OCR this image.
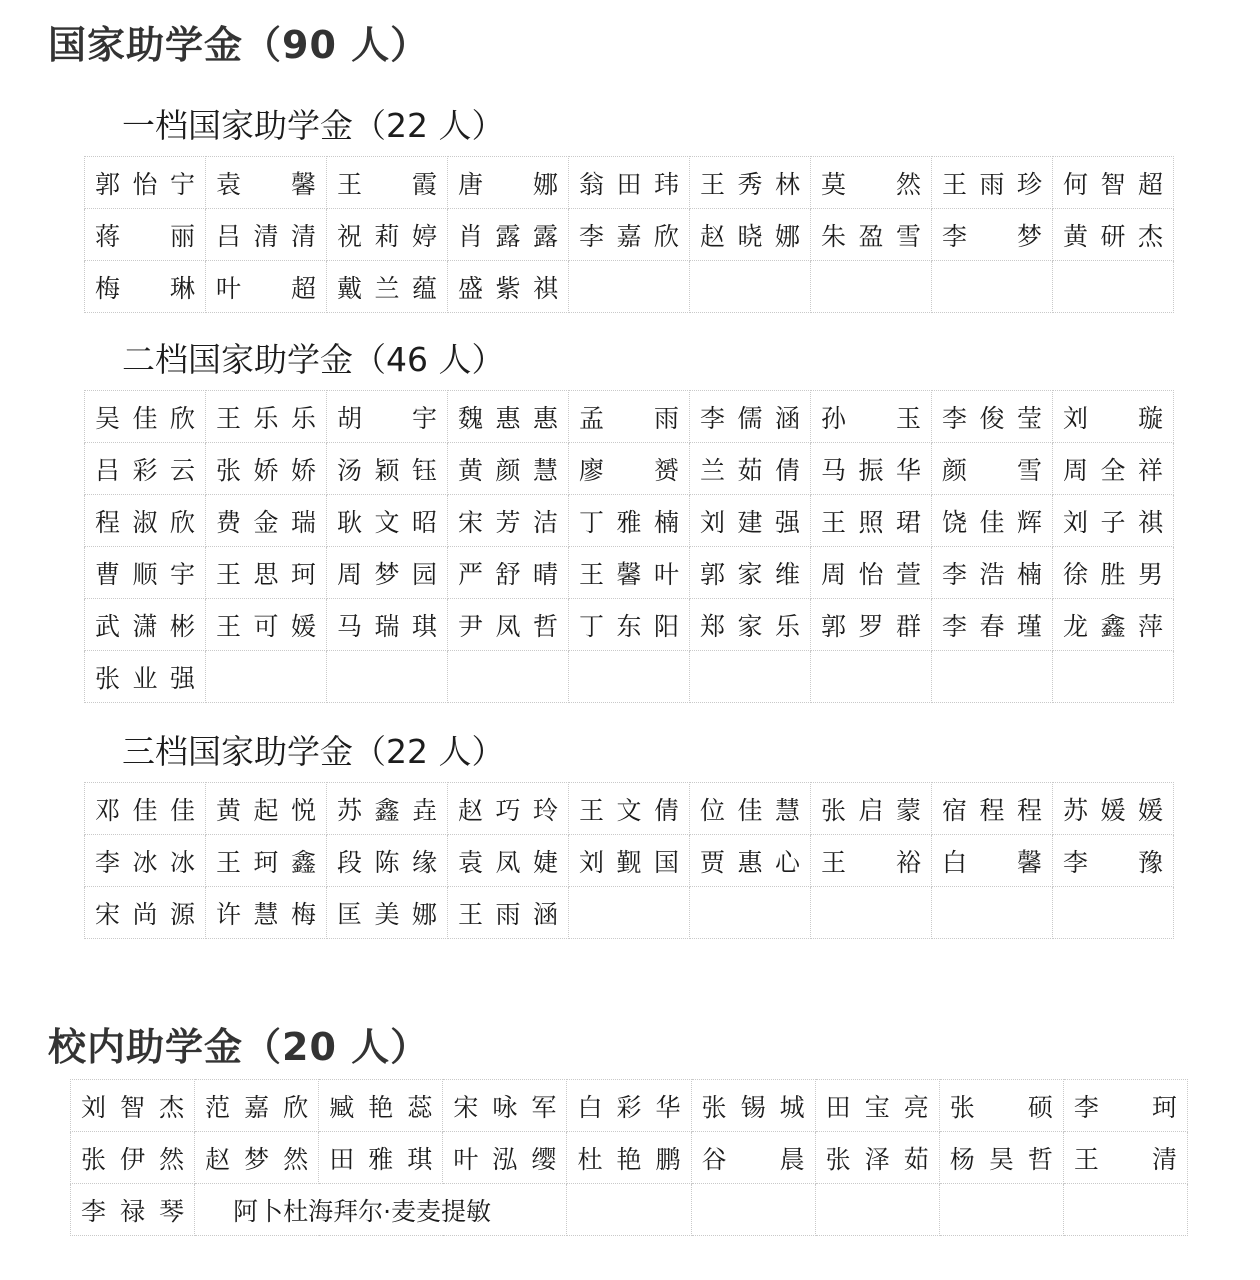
国家助学金（90 人）
一档国家助学金（22 人）
郭怡宁	袁　馨	王　霞	唐　娜	翁田玮	王秀林	莫　然	王雨珍	何智超
蒋　丽	吕清清	祝莉婷	肖露露	李嘉欣	赵晓娜	朱盈雪	李　梦	黄研杰
梅　琳	叶　超	戴兰蕴	盛紫祺					
二档国家助学金（46 人）
吴佳欣	王乐乐	胡　宇	魏惠惠	孟　雨	李儒涵	孙　玉	李俊莹	刘　璇
吕彩云	张娇娇	汤颖钰	黄颜慧	廖　赟	兰茹倩	马振华	颜　雪	周全祥
程淑欣	费金瑞	耿文昭	宋芳洁	丁雅楠	刘建强	王照珺	饶佳辉	刘子祺
曹顺宇	王思珂	周梦园	严舒晴	王馨叶	郭家维	周怡萱	李浩楠	徐胜男
武潇彬	王可媛	马瑞琪	尹凤哲	丁东阳	郑家乐	郭罗群	李春瑾	龙鑫萍
张业强								
三档国家助学金（22 人）
邓佳佳	黄起悦	苏鑫垚	赵巧玲	王文倩	位佳慧	张启蒙	宿程程	苏媛媛
李冰冰	王珂鑫	段陈缘	袁凤婕	刘觐国	贾惠心	王　裕	白　馨	李　豫
宋尚源	许慧梅	匡美娜	王雨涵					
校内助学金（20 人）
刘智杰	范嘉欣	臧艳蕊	宋咏军	白彩华	张锡城	田宝亮	张　硕	李　珂
张伊然	赵梦然	田雅琪	叶泓缨	杜艳鹏	谷　晨	张泽茹	杨昊哲	王　清
李禄琴	阿卜杜海拜尔·麦麦提敏							
